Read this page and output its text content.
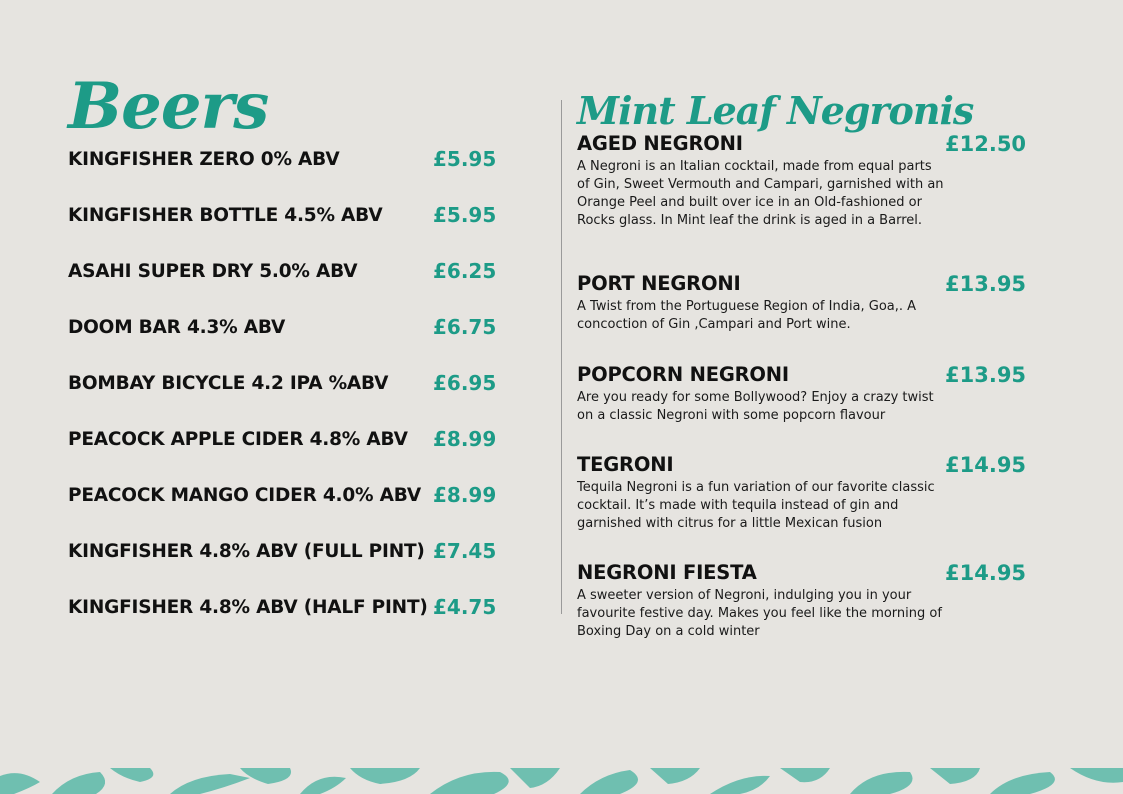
Beers
KINGFISHER ZERO 0% ABV	£5.95
KINGFISHER BOTTLE 4.5% ABV	£5.95
ASAHI SUPER DRY 5.0% ABV	£6.25
DOOM BAR 4.3% ABV	£6.75
BOMBAY BICYCLE 4.2 IPA %ABV £6.95
PEACOCK APPLE CIDER 4.8% ABV £8.99
PEACOCK MANGO CIDER 4.0% ABV £8.99
KINGFISHER 4.8% ABV (FULL PINT) £7.45
KINGFISHER 4.8% ABV (HALF PINT) £4.75
Mint Leaf Negronis
AGED NEGRONI	£12.50
A Negroni is an Italian cocktail, made from equal parts of Gin, Sweet Vermouth and Campari, garnished with an Orange Peel and built over ice in an Old-fashioned or Rocks glass. In Mint leaf the drink is aged in a Barrel.
PORT NEGRONI	£13.95
A Twist from the Portuguese Region of India, Goa,. A concoction of Gin ,Campari and Port wine.
POPCORN NEGRONI	£13.95
Are you ready for some Bollywood? Enjoy a crazy twist on a classic Negroni with some popcorn flavour
TEGRONI	£14.95
Tequila Negroni is a fun variation of our favorite classic cocktail. It’s made with tequila instead of gin and garnished with citrus for a little Mexican fusion
NEGRONI FIESTA	£14.95
A sweeter version of Negroni, indulging you in your favourite festive day. Makes you feel like the morning of Boxing Day on a cold winter
